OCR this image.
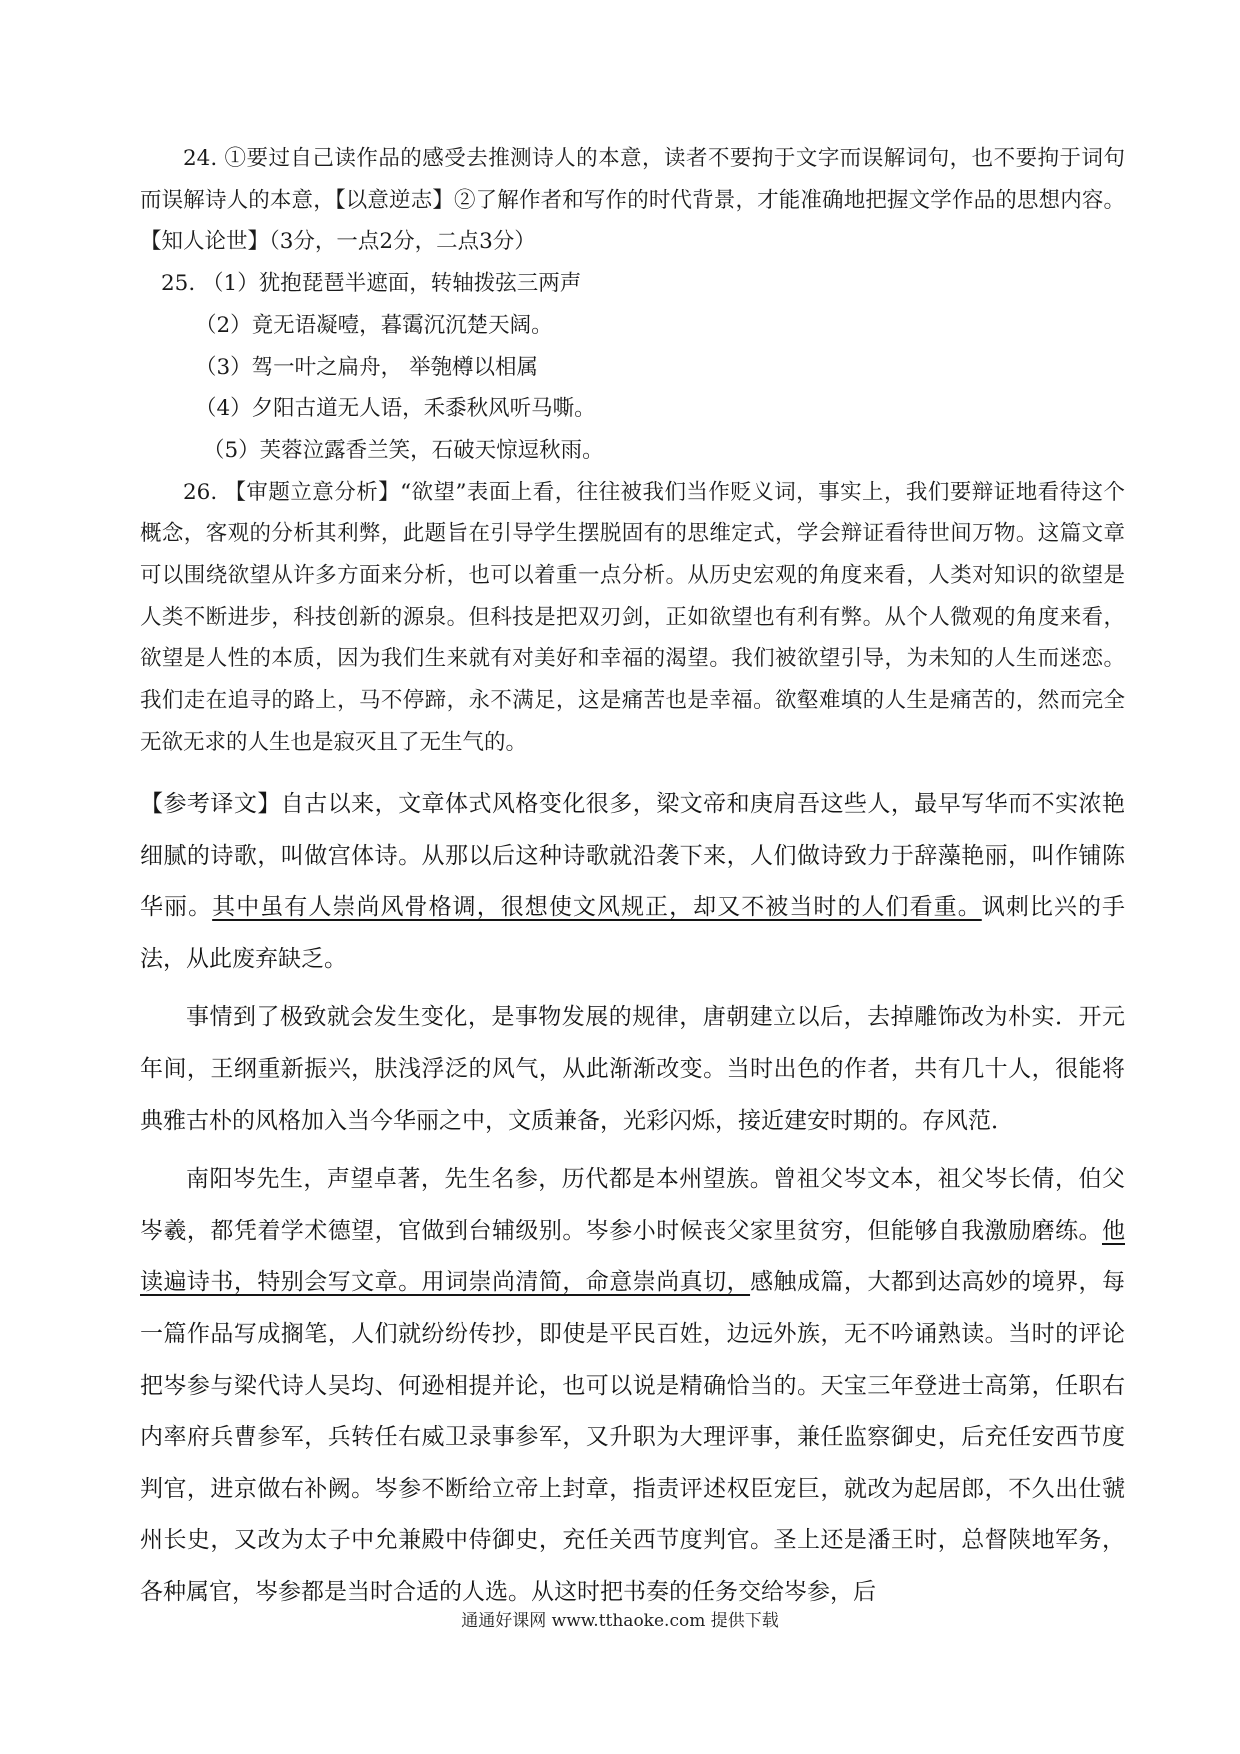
24. ①要过自己读作品的感受去推测诗人的本意，读者不要拘于文字而误解词句，也不要拘于词句而误解诗人的本意，【以意逆志】②了解作者和写作的时代背景，才能准确地把握文学作品的思想内容。【知人论世】（3分，一点2分，二点3分）

25. （1）犹抱琵琶半遮面，转轴拨弦三两声
（2）竟无语凝噎，暮霭沉沉楚天阔。
（3）驾一叶之扁舟， 举匏樽以相属
（4）夕阳古道无人语，禾黍秋风听马嘶。
（5）芙蓉泣露香兰笑，石破天惊逗秋雨。

26. 【审题立意分析】“欲望”表面上看，往往被我们当作贬义词，事实上，我们要辩证地看待这个概念，客观的分析其利弊，此题旨在引导学生摆脱固有的思维定式，学会辩证看待世间万物。这篇文章可以围绕欲望从许多方面来分析，也可以着重一点分析。从历史宏观的角度来看，人类对知识的欲望是人类不断进步，科技创新的源泉。但科技是把双刃剑，正如欲望也有利有弊。从个人微观的角度来看，欲望是人性的本质，因为我们生来就有对美好和幸福的渴望。我们被欲望引导，为未知的人生而迷恋。我们走在追寻的路上，马不停蹄，永不满足，这是痛苦也是幸福。欲壑难填的人生是痛苦的，然而完全无欲无求的人生也是寂灭且了无生气的。

【参考译文】自古以来，文章体式风格变化很多，梁文帝和庚肩吾这些人，最早写华而不实浓艳细腻的诗歌，叫做宫体诗。从那以后这种诗歌就沿袭下来，人们做诗致力于辞藻艳丽，叫作铺陈华丽。其中虽有人崇尚风骨格调，很想使文风规正，却又不被当时的人们看重。讽刺比兴的手法，从此废弃缺乏。

事情到了极致就会发生变化，是事物发展的规律，唐朝建立以后，去掉雕饰改为朴实．开元年间，王纲重新振兴，肤浅浮泛的风气，从此渐渐改变。当时出色的作者，共有几十人，很能将典雅古朴的风格加入当今华丽之中，文质兼备，光彩闪烁，接近建安时期的。存风范．

南阳岑先生，声望卓著，先生名参，历代都是本州望族。曾祖父岑文本，祖父岑长倩，伯父岑羲，都凭着学术德望，官做到台辅级别。岑参小时候丧父家里贫穷，但能够自我激励磨练。他读遍诗书，特别会写文章。用词崇尚清简，命意崇尚真切，感触成篇，大都到达高妙的境界，每一篇作品写成搁笔，人们就纷纷传抄，即使是平民百姓，边远外族，无不吟诵熟读。当时的评论把岑参与梁代诗人吴均、何逊相提并论，也可以说是精确恰当的。天宝三年登进士高第，任职右内率府兵曹参军，兵转任右威卫录事参军，又升职为大理评事，兼任监察御史，后充任安西节度判官，进京做右补阙。岑参不断给立帝上封章，指责评述权臣宠巨，就改为起居郎，不久出仕虢州长史，又改为太子中允兼殿中侍御史，充任关西节度判官。圣上还是潘王时，总督陕地军务，各种属官，岑参都是当时合适的人选。从这时把书奏的任务交给岑参，后

通通好课网 www.tthaoke.com 提供下载
